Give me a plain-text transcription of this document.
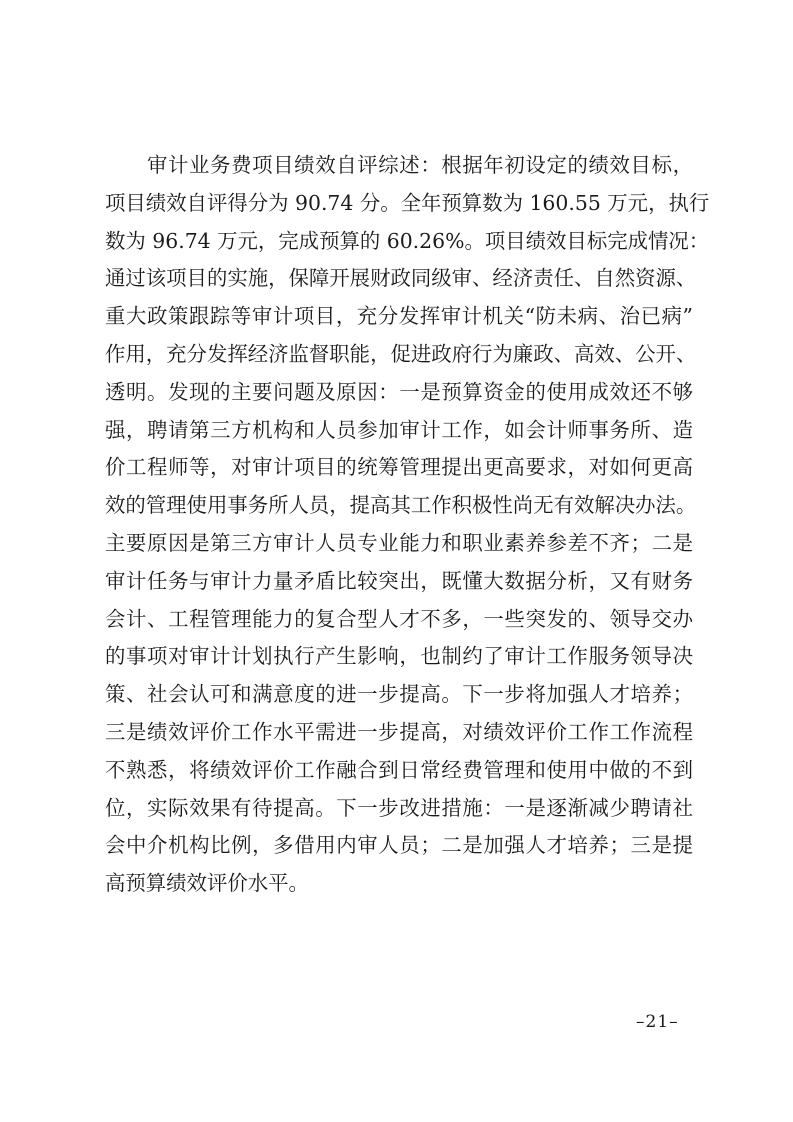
审计业务费项目绩效自评综述：根据年初设定的绩效目标，
项目绩效自评得分为 90.74 分。全年预算数为 160.55 万元，执行
数为 96.74 万元，完成预算的 60.26%。项目绩效目标完成情况：
通过该项目的实施，保障开展财政同级审、经济责任、自然资源、
重大政策跟踪等审计项目，充分发挥审计机关“防未病、治已病”
作用，充分发挥经济监督职能，促进政府行为廉政、高效、公开、
透明。发现的主要问题及原因：一是预算资金的使用成效还不够
强，聘请第三方机构和人员参加审计工作，如会计师事务所、造
价工程师等，对审计项目的统筹管理提出更高要求，对如何更高
效的管理使用事务所人员，提高其工作积极性尚无有效解决办法。
主要原因是第三方审计人员专业能力和职业素养参差不齐；二是
审计任务与审计力量矛盾比较突出，既懂大数据分析，又有财务
会计、工程管理能力的复合型人才不多，一些突发的、领导交办
的事项对审计计划执行产生影响，也制约了审计工作服务领导决
策、社会认可和满意度的进一步提高。下一步将加强人才培养；
三是绩效评价工作水平需进一步提高，对绩效评价工作工作流程
不熟悉，将绩效评价工作融合到日常经费管理和使用中做的不到
位，实际效果有待提高。下一步改进措施：一是逐渐减少聘请社
会中介机构比例，多借用内审人员；二是加强人才培养；三是提
高预算绩效评价水平。
–21–
